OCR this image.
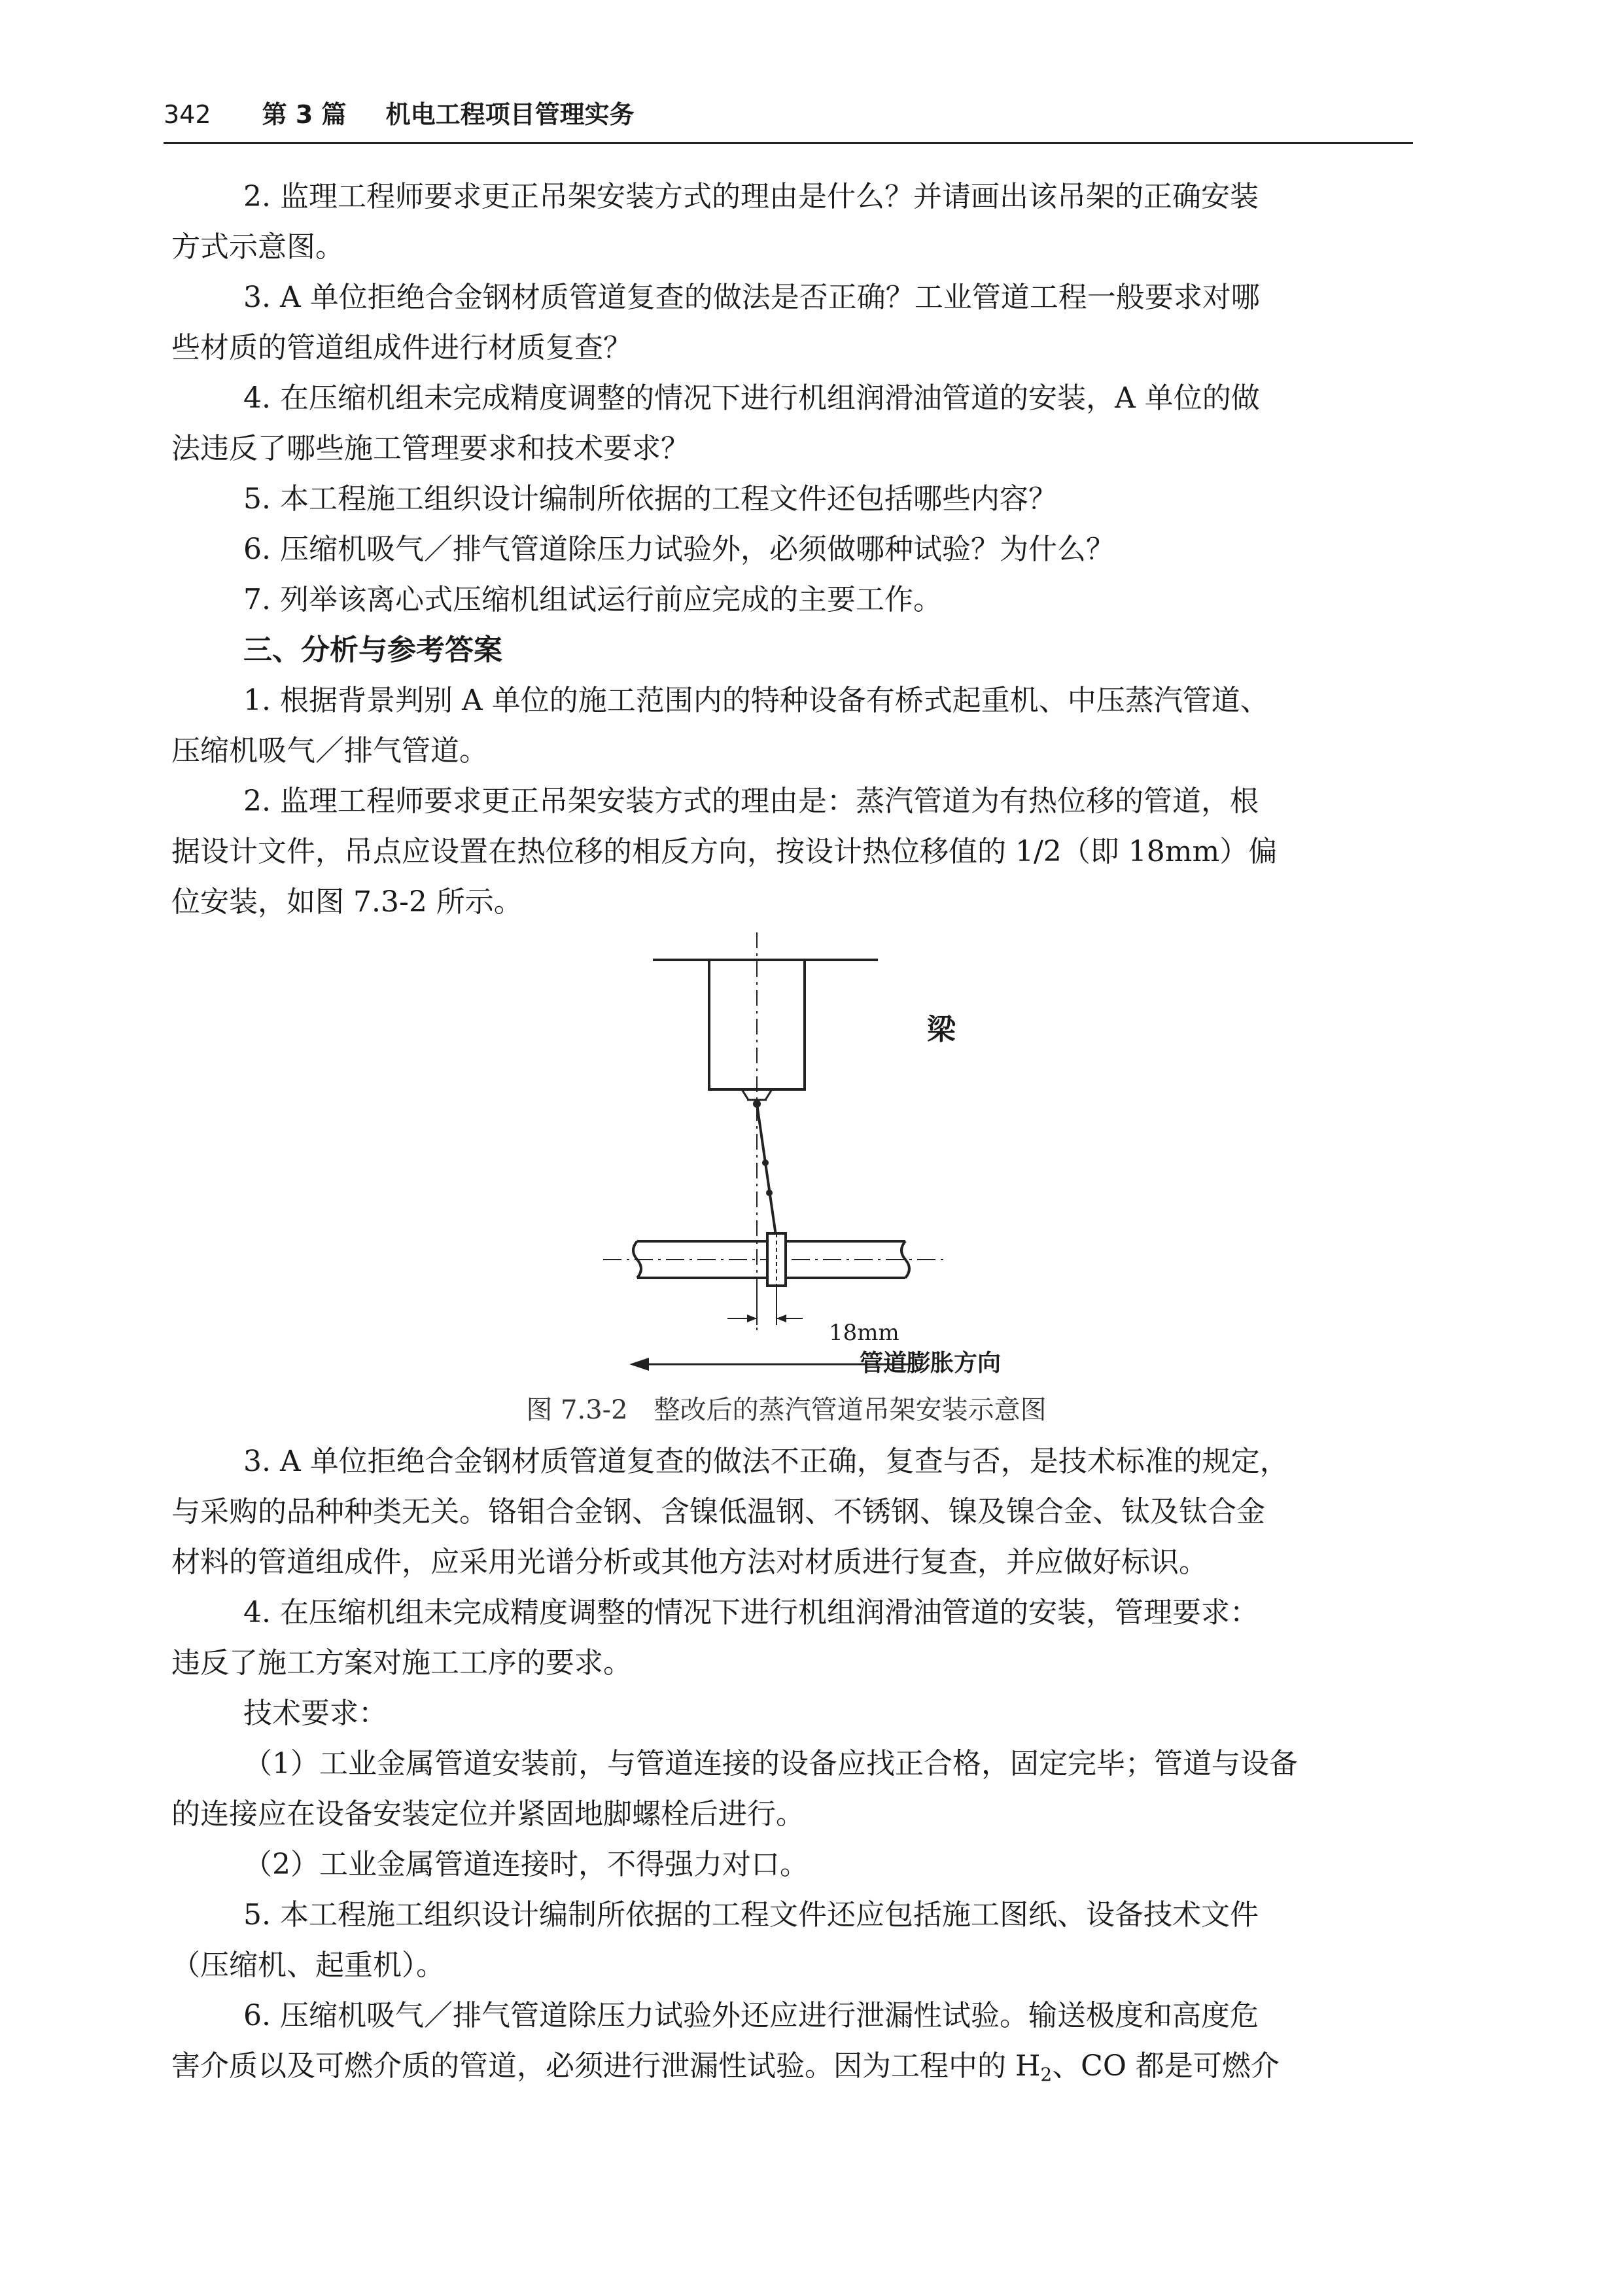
342 第 3 篇 机电工程项目管理实务

2. 监理工程师要求更正吊架安装方式的理由是什么？并请画出该吊架的正确安装
方式示意图。

3. A 单位拒绝合金钢材质管道复查的做法是否正确？工业管道工程一般要求对哪
些材质的管道组成件进行材质复查？

4. 在压缩机组未完成精度调整的情况下进行机组润滑油管道的安装，A 单位的做
法违反了哪些施工管理要求和技术要求？

5. 本工程施工组织设计编制所依据的工程文件还包括哪些内容？

6. 压缩机吸气／排气管道除压力试验外，必须做哪种试验？为什么？

7. 列举该离心式压缩机组试运行前应完成的主要工作。

三、分析与参考答案

1. 根据背景判别 A 单位的施工范围内的特种设备有桥式起重机、中压蒸汽管道、
压缩机吸气／排气管道。

2. 监理工程师要求更正吊架安装方式的理由是：蒸汽管道为有热位移的管道，根
据设计文件，吊点应设置在热位移的相反方向，按设计热位移值的 1/2（即 18mm）偏
位安装，如图 7.3-2 所示。

梁
18mm
管道膨胀方向
图 7.3-2　整改后的蒸汽管道吊架安装示意图

3. A 单位拒绝合金钢材质管道复查的做法不正确，复查与否，是技术标准的规定，
与采购的品种种类无关。铬钼合金钢、含镍低温钢、不锈钢、镍及镍合金、钛及钛合金
材料的管道组成件，应采用光谱分析或其他方法对材质进行复查，并应做好标识。

4. 在压缩机组未完成精度调整的情况下进行机组润滑油管道的安装，管理要求：
违反了施工方案对施工工序的要求。

技术要求：

（1）工业金属管道安装前，与管道连接的设备应找正合格，固定完毕；管道与设备
的连接应在设备安装定位并紧固地脚螺栓后进行。

（2）工业金属管道连接时，不得强力对口。

5. 本工程施工组织设计编制所依据的工程文件还应包括施工图纸、设备技术文件
（压缩机、起重机）。

6. 压缩机吸气／排气管道除压力试验外还应进行泄漏性试验。输送极度和高度危
害介质以及可燃介质的管道，必须进行泄漏性试验。因为工程中的 $H_2$、CO 都是可燃介
